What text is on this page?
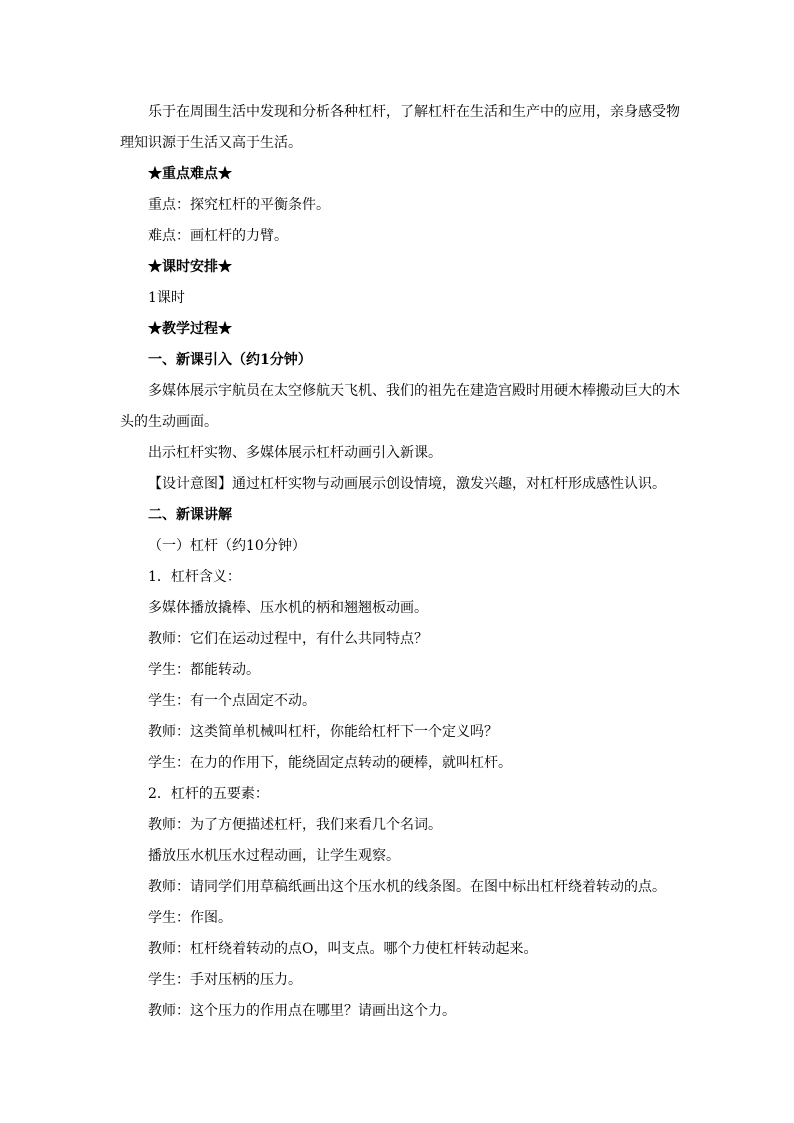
乐于在周围生活中发现和分析各种杠杆，了解杠杆在生活和生产中的应用，亲身感受物
理知识源于生活又高于生活。
★重点难点★
重点：探究杠杆的平衡条件。
难点：画杠杆的力臂。
★课时安排★
1课时
★教学过程★
一、新课引入（约1分钟）
多媒体展示宇航员在太空修航天飞机、我们的祖先在建造宫殿时用硬木棒搬动巨大的木
头的生动画面。
出示杠杆实物、多媒体展示杠杆动画引入新课。
【设计意图】通过杠杆实物与动画展示创设情境，激发兴趣，对杠杆形成感性认识。
二、新课讲解
（一）杠杆（约10分钟）
1．杠杆含义：
多媒体播放撬棒、压水机的柄和翘翘板动画。
教师：它们在运动过程中，有什么共同特点？
学生：都能转动。
学生：有一个点固定不动。
教师：这类简单机械叫杠杆，你能给杠杆下一个定义吗？
学生：在力的作用下，能绕固定点转动的硬棒，就叫杠杆。
2．杠杆的五要素：
教师：为了方便描述杠杆，我们来看几个名词。
播放压水机压水过程动画，让学生观察。
教师：请同学们用草稿纸画出这个压水机的线条图。在图中标出杠杆绕着转动的点。
学生：作图。
教师：杠杆绕着转动的点O，叫支点。哪个力使杠杆转动起来。
学生：手对压柄的压力。
教师：这个压力的作用点在哪里？请画出这个力。
